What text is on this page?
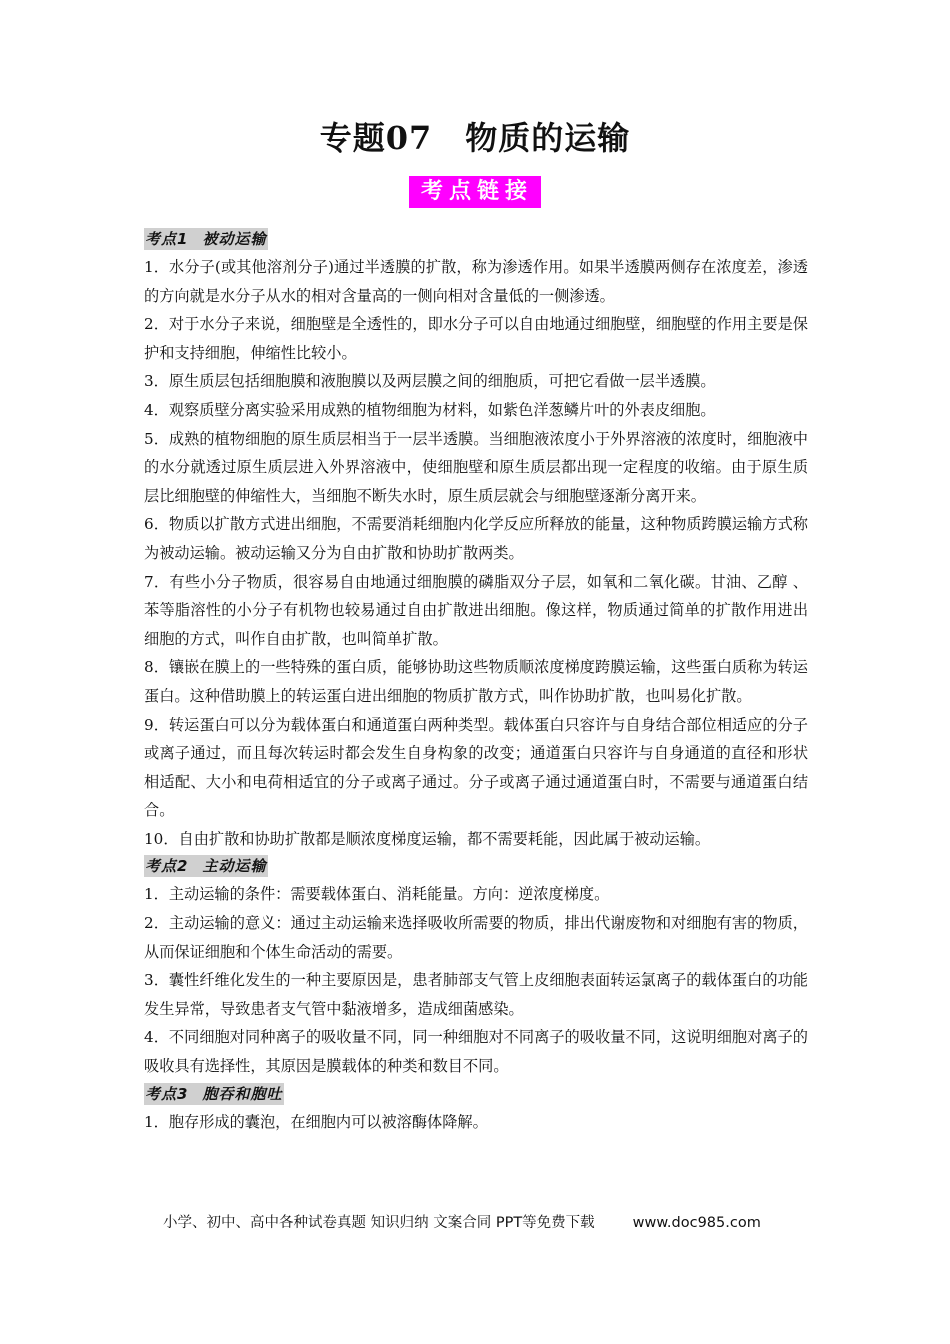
专题07　物质的运输
考点链接
考点1 被动运输

1．水分子(或其他溶剂分子)通过半透膜的扩散，称为渗透作用。如果半透膜两侧存在浓度差，渗透的方向就是水分子从水的相对含量高的一侧向相对含量低的一侧渗透。

2．对于水分子来说，细胞壁是全透性的，即水分子可以自由地通过细胞壁，细胞壁的作用主要是保护和支持细胞，伸缩性比较小。

3．原生质层包括细胞膜和液胞膜以及两层膜之间的细胞质，可把它看做一层半透膜。

4．观察质壁分离实验采用成熟的植物细胞为材料，如紫色洋葱鳞片叶的外表皮细胞。

5．成熟的植物细胞的原生质层相当于一层半透膜。当细胞液浓度小于外界溶液的浓度时，细胞液中的水分就透过原生质层进入外界溶液中，使细胞壁和原生质层都出现一定程度的收缩。由于原生质层比细胞壁的伸缩性大，当细胞不断失水时，原生质层就会与细胞壁逐渐分离开来。

6．物质以扩散方式进出细胞，不需要消耗细胞内化学反应所释放的能量，这种物质跨膜运输方式称为被动运输。被动运输又分为自由扩散和协助扩散两类。

7．有些小分子物质，很容易自由地通过细胞膜的磷脂双分子层，如氧和二氧化碳。甘油、乙醇 、苯等脂溶性的小分子有机物也较易通过自由扩散进出细胞。像这样，物质通过简单的扩散作用进出细胞的方式，叫作自由扩散，也叫简单扩散。

8．镶嵌在膜上的一些特殊的蛋白质，能够协助这些物质顺浓度梯度跨膜运输，这些蛋白质称为转运蛋白。这种借助膜上的转运蛋白进出细胞的物质扩散方式，叫作协助扩散，也叫易化扩散。

9．转运蛋白可以分为载体蛋白和通道蛋白两种类型。载体蛋白只容许与自身结合部位相适应的分子或离子通过，而且每次转运时都会发生自身构象的改变；通道蛋白只容许与自身通道的直径和形状相适配、大小和电荷相适宜的分子或离子通过。分子或离子通过通道蛋白时，不需要与通道蛋白结合。

10．自由扩散和协助扩散都是顺浓度梯度运输，都不需要耗能，因此属于被动运输。

考点2 主动运输

1．主动运输的条件：需要载体蛋白、消耗能量。方向：逆浓度梯度。

2．主动运输的意义：通过主动运输来选择吸收所需要的物质，排出代谢废物和对细胞有害的物质，从而保证细胞和个体生命活动的需要。

3．囊性纤维化发生的一种主要原因是，患者肺部支气管上皮细胞表面转运氯离子的载体蛋白的功能发生异常，导致患者支气管中黏液增多，造成细菌感染。

4．不同细胞对同种离子的吸收量不同，同一种细胞对不同离子的吸收量不同，这说明细胞对离子的吸收具有选择性，其原因是膜载体的种类和数目不同。

考点3 胞吞和胞吐

1．胞存形成的囊泡，在细胞内可以被溶酶体降解。

小学、初中、高中各种试卷真题 知识归纳 文案合同 PPT等免费下载	www.doc985.com
